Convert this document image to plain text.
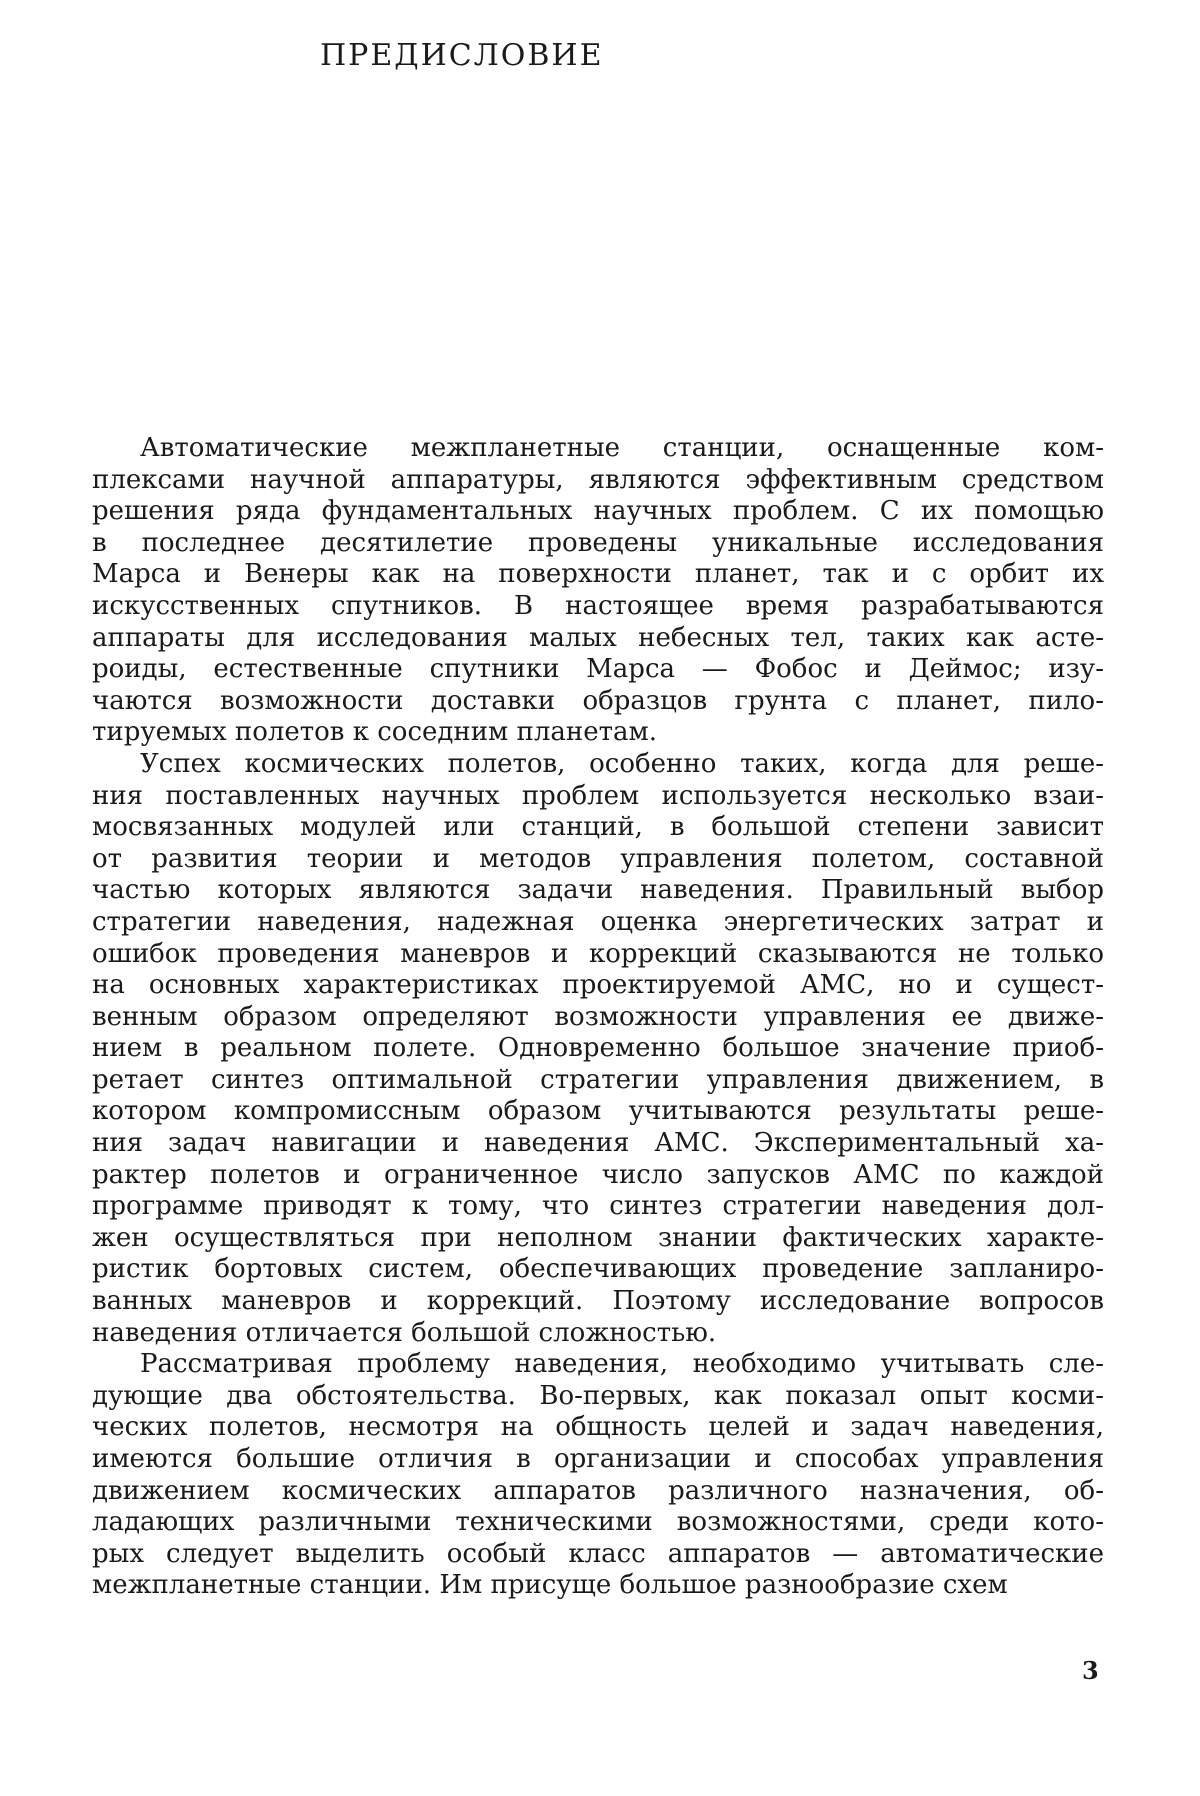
ПРЕДИСЛОВИЕ

Автоматические межпланетные станции, оснащенные ком-
плексами научной аппаратуры, являются эффективным средством
решения ряда фундаментальных научных проблем. С их помощью
в последнее десятилетие проведены уникальные исследования
Марса и Венеры как на поверхности планет, так и с орбит их
искусственных спутников. В настоящее время разрабатываются
аппараты для исследования малых небесных тел, таких как асте-
роиды, естественные спутники Марса — Фобос и Деймос; изу-
чаются возможности доставки образцов грунта с планет, пило-
тируемых полетов к соседним планетам.

Успех космических полетов, особенно таких, когда для реше-
ния поставленных научных проблем используется несколько взаи-
мосвязанных модулей или станций, в большой степени зависит
от развития теории и методов управления полетом, составной
частью которых являются задачи наведения. Правильный выбор
стратегии наведения, надежная оценка энергетических затрат и
ошибок проведения маневров и коррекций сказываются не только
на основных характеристиках проектируемой АМС, но и сущест-
венным образом определяют возможности управления ее движе-
нием в реальном полете. Одновременно большое значение приоб-
ретает синтез оптимальной стратегии управления движением, в
котором компромиссным образом учитываются результаты реше-
ния задач навигации и наведения АМС. Экспериментальный ха-
рактер полетов и ограниченное число запусков АМС по каждой
программе приводят к тому, что синтез стратегии наведения дол-
жен осуществляться при неполном знании фактических характе-
ристик бортовых систем, обеспечивающих проведение запланиро-
ванных маневров и коррекций. Поэтому исследование вопросов
наведения отличается большой сложностью.

Рассматривая проблему наведения, необходимо учитывать сле-
дующие два обстоятельства. Во-первых, как показал опыт косми-
ческих полетов, несмотря на общность целей и задач наведения,
имеются большие отличия в организации и способах управления
движением космических аппаратов различного назначения, об-
ладающих различными техническими возможностями, среди кото-
рых следует выделить особый класс аппаратов — автоматические
межпланетные станции. Им присуще большое разнообразие схем

3
